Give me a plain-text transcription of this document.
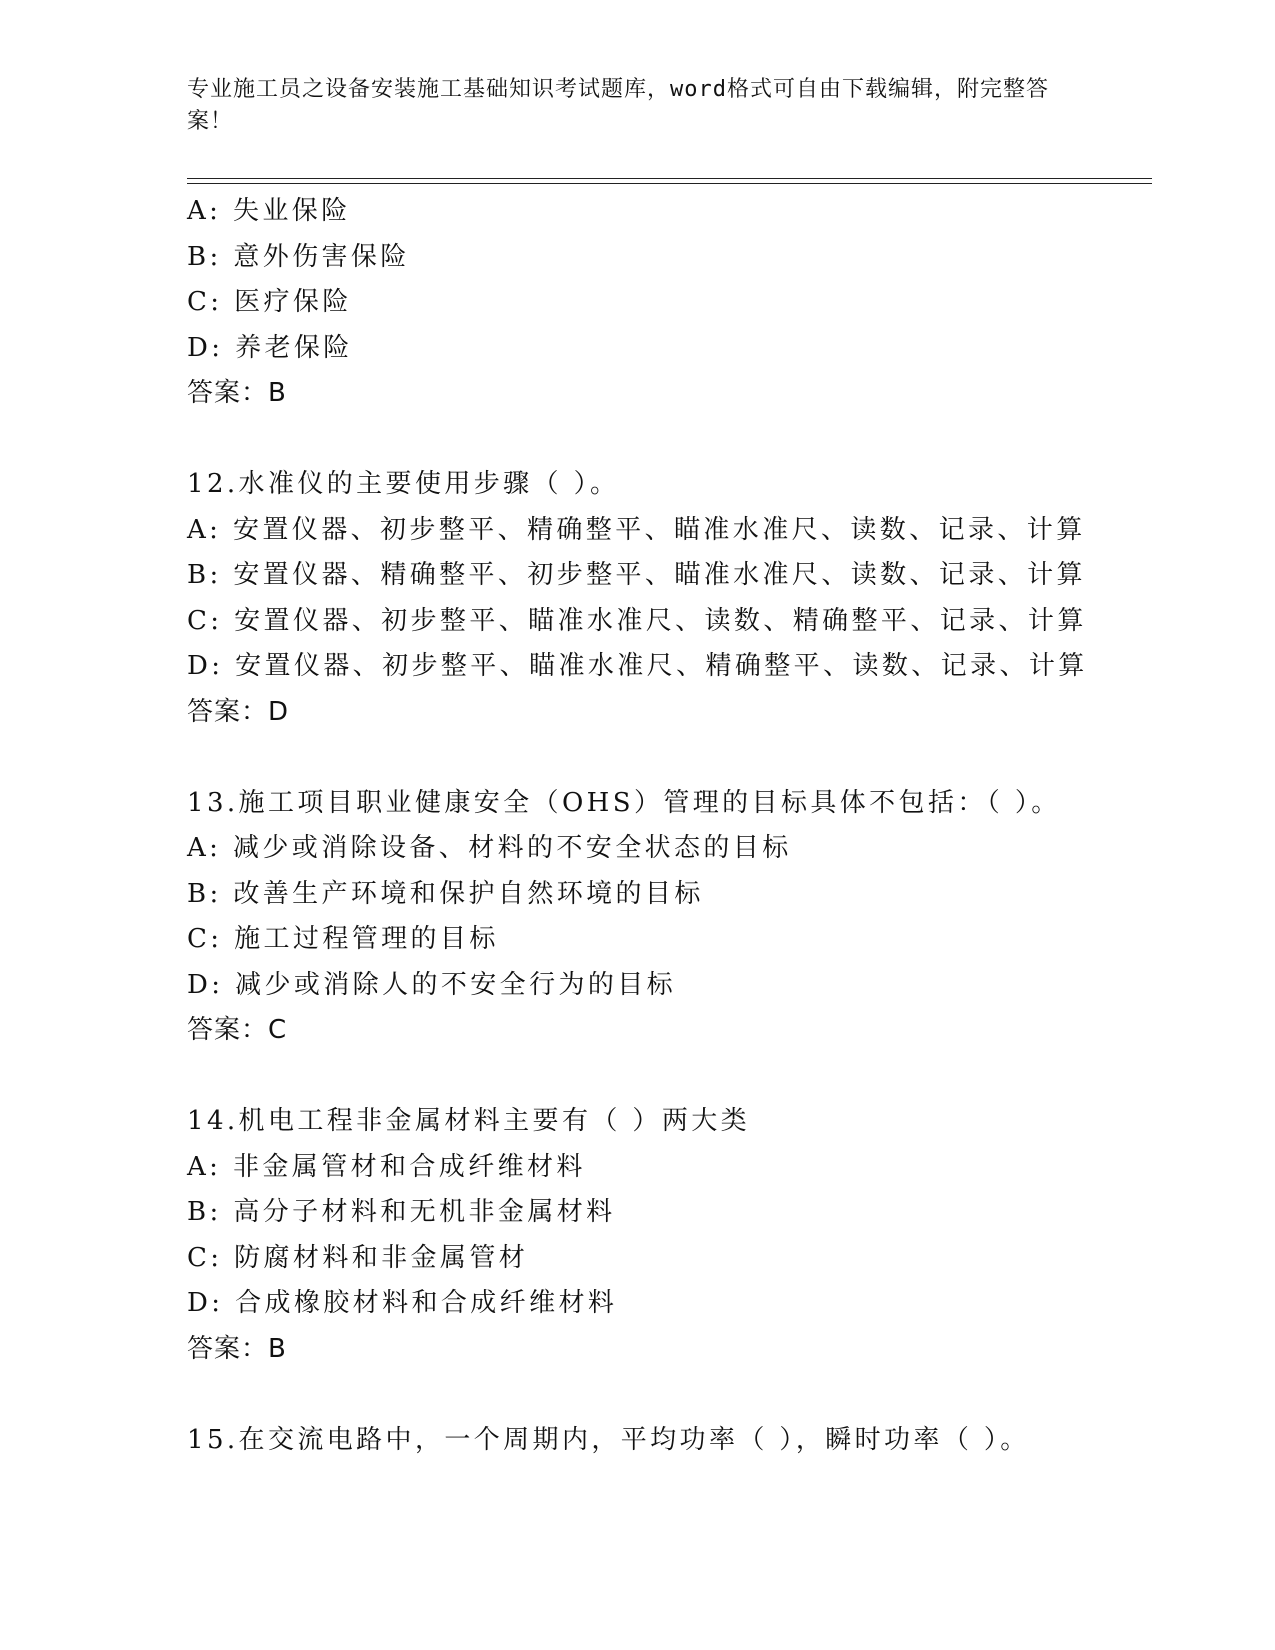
专业施工员之设备安装施工基础知识考试题库，word格式可自由下载编辑，附完整答案！
A: 失业保险
B: 意外伤害保险
C: 医疗保险
D: 养老保险
答案：B
12.水准仪的主要使用步骤（ ）。
A: 安置仪器、初步整平、精确整平、瞄准水准尺、读数、记录、计算
B: 安置仪器、精确整平、初步整平、瞄准水准尺、读数、记录、计算
C: 安置仪器、初步整平、瞄准水准尺、读数、精确整平、记录、计算
D: 安置仪器、初步整平、瞄准水准尺、精确整平、读数、记录、计算
答案：D
13.施工项目职业健康安全（OHS）管理的目标具体不包括：（ ）。
A: 减少或消除设备、材料的不安全状态的目标
B: 改善生产环境和保护自然环境的目标
C: 施工过程管理的目标
D: 减少或消除人的不安全行为的目标
答案：C
14.机电工程非金属材料主要有（ ）两大类
A: 非金属管材和合成纤维材料
B: 高分子材料和无机非金属材料
C: 防腐材料和非金属管材
D: 合成橡胶材料和合成纤维材料
答案：B
15.在交流电路中，一个周期内，平均功率（ ），瞬时功率（ ）。
